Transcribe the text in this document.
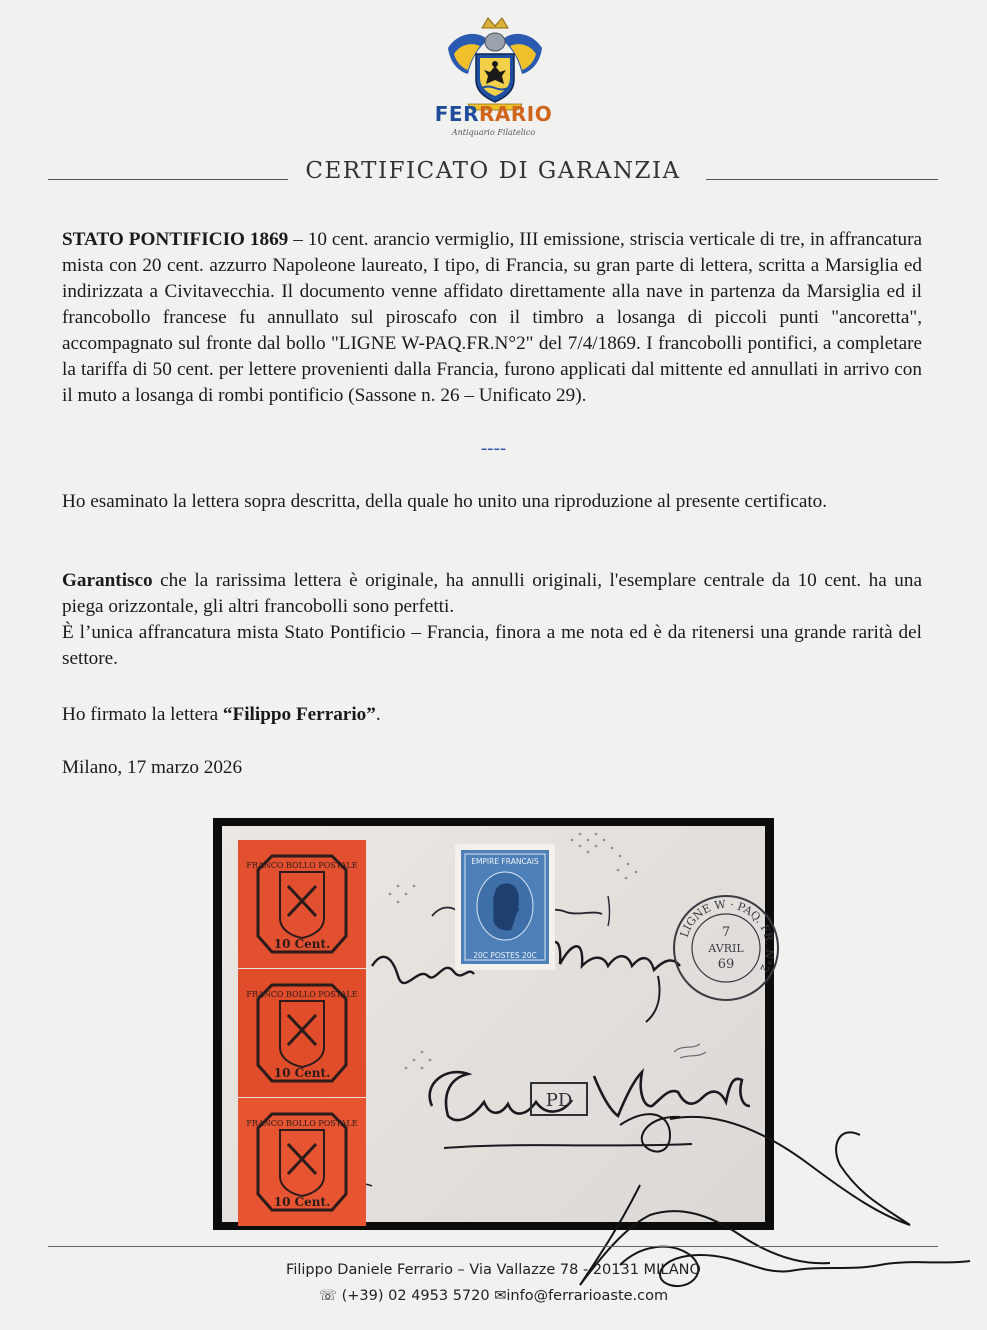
FERRARIO
Antiquario Filatelico
CERTIFICATO DI GARANZIA

STATO PONTIFICIO 1869 – 10 cent. arancio vermiglio, III emissione, striscia verticale di tre, in affrancatura mista con 20 cent. azzurro Napoleone laureato, I tipo, di Francia, su gran parte di lettera, scritta a Marsiglia ed indirizzata a Civitavecchia. Il documento venne affidato direttamente alla nave in partenza da Marsiglia ed il francobollo francese fu annullato sul piroscafo con il timbro a losanga di piccoli punti "ancoretta", accompagnato sul fronte dal bollo "LIGNE W-PAQ.FR.N°2" del 7/4/1869. I francobolli pontifici, a completare la tariffa di 50 cent. per lettere provenienti dalla Francia, furono applicati dal mittente ed annullati in arrivo con il muto a losanga di rombi pontificio (Sassone n. 26 – Unificato 29).

----

Ho esaminato la lettera sopra descritta, della quale ho unito una riproduzione al presente certificato.

Garantisco che la rarissima lettera è originale, ha annulli originali, l'esemplare centrale da 10 cent. ha una piega orizzontale, gli altri francobolli sono perfetti.

È l’unica affrancatura mista Stato Pontificio – Francia, finora a me nota ed è da ritenersi una grande rarità del settore.

Ho firmato la lettera “Filippo Ferrario”.
Milano, 17 marzo 2026
FRANCO BOLLO POSTALE
10 Cent.
FRANCO BOLLO POSTALE
10 Cent.
FRANCO BOLLO POSTALE
10 Cent.
EMPIRE FRANCAIS
20C POSTES 20C
LIGNE W · PAQ. FR. N°2
7
AVRIL
69
PD
Filippo Daniele Ferrario – Via Vallazze 78 - 20131 MILANO
☏ (+39) 02 4953 5720 ✉info@ferrarioaste.com
